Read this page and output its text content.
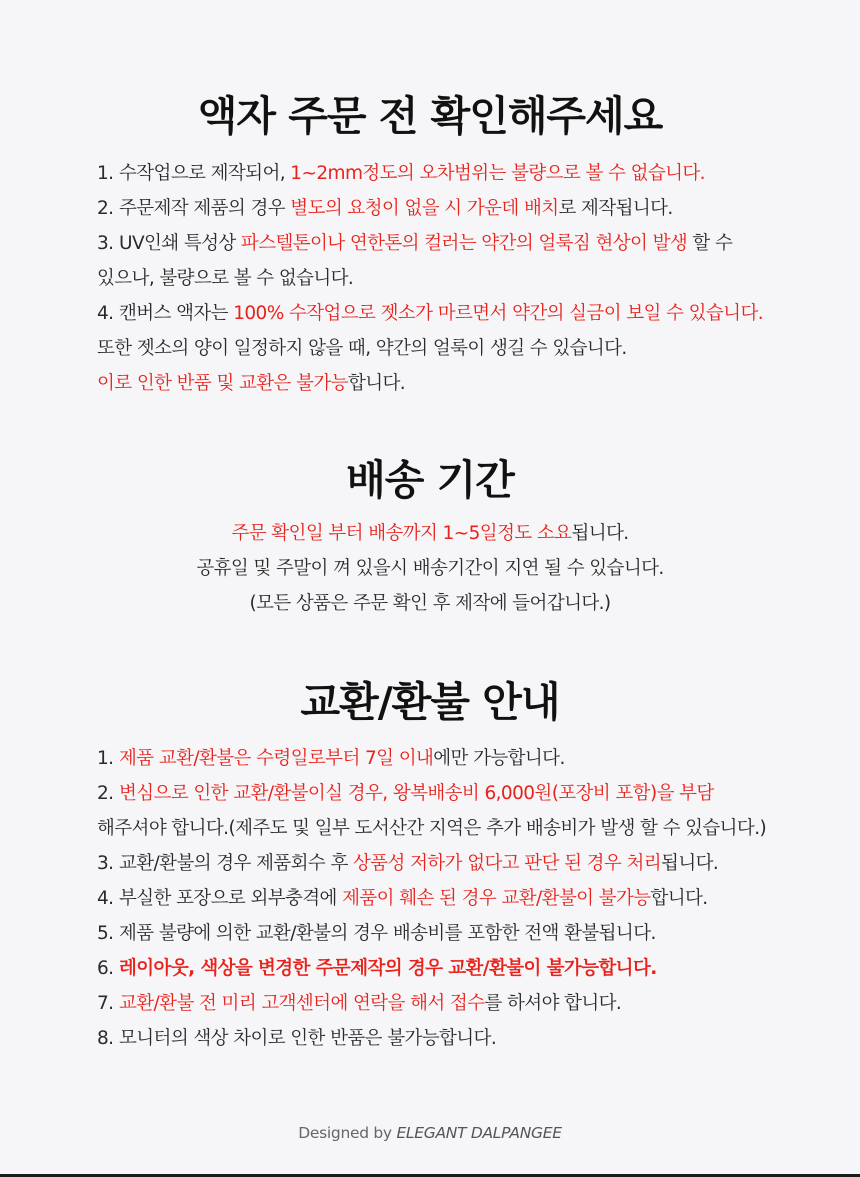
액자 주문 전 확인해주세요
1. 수작업으로 제작되어, 1~2mm정도의 오차범위는 불량으로 볼 수 없습니다.
2. 주문제작 제품의 경우 별도의 요청이 없을 시 가운데 배치로 제작됩니다.
3. UV인쇄 특성상 파스텔톤이나 연한톤의 컬러는 약간의 얼룩짐 현상이 발생 할 수
있으나, 불량으로 볼 수 없습니다.
4. 캔버스 액자는 100% 수작업으로 젯소가 마르면서 약간의 실금이 보일 수 있습니다.
또한 젯소의 양이 일정하지 않을 때, 약간의 얼룩이 생길 수 있습니다.
이로 인한 반품 및 교환은 불가능합니다.
배송 기간
주문 확인일 부터 배송까지 1~5일정도 소요됩니다.
공휴일 및 주말이 껴 있을시 배송기간이 지연 될 수 있습니다.
(모든 상품은 주문 확인 후 제작에 들어갑니다.)
교환/환불 안내
1. 제품 교환/환불은 수령일로부터 7일 이내에만 가능합니다.
2. 변심으로 인한 교환/환불이실 경우, 왕복배송비 6,000원(포장비 포함)을 부담
해주셔야 합니다.(제주도 및 일부 도서산간 지역은 추가 배송비가 발생 할 수 있습니다.)
3. 교환/환불의 경우 제품회수 후 상품성 저하가 없다고 판단 된 경우 처리됩니다.
4. 부실한 포장으로 외부충격에 제품이 훼손 된 경우 교환/환불이 불가능합니다.
5. 제품 불량에 의한 교환/환불의 경우 배송비를 포함한 전액 환불됩니다.
6. 레이아웃, 색상을 변경한 주문제작의 경우 교환/환불이 불가능합니다.
7. 교환/환불 전 미리 고객센터에 연락을 해서 접수를 하셔야 합니다.
8. 모니터의 색상 차이로 인한 반품은 불가능합니다.
Designed by ELEGANT DALPANGEE
